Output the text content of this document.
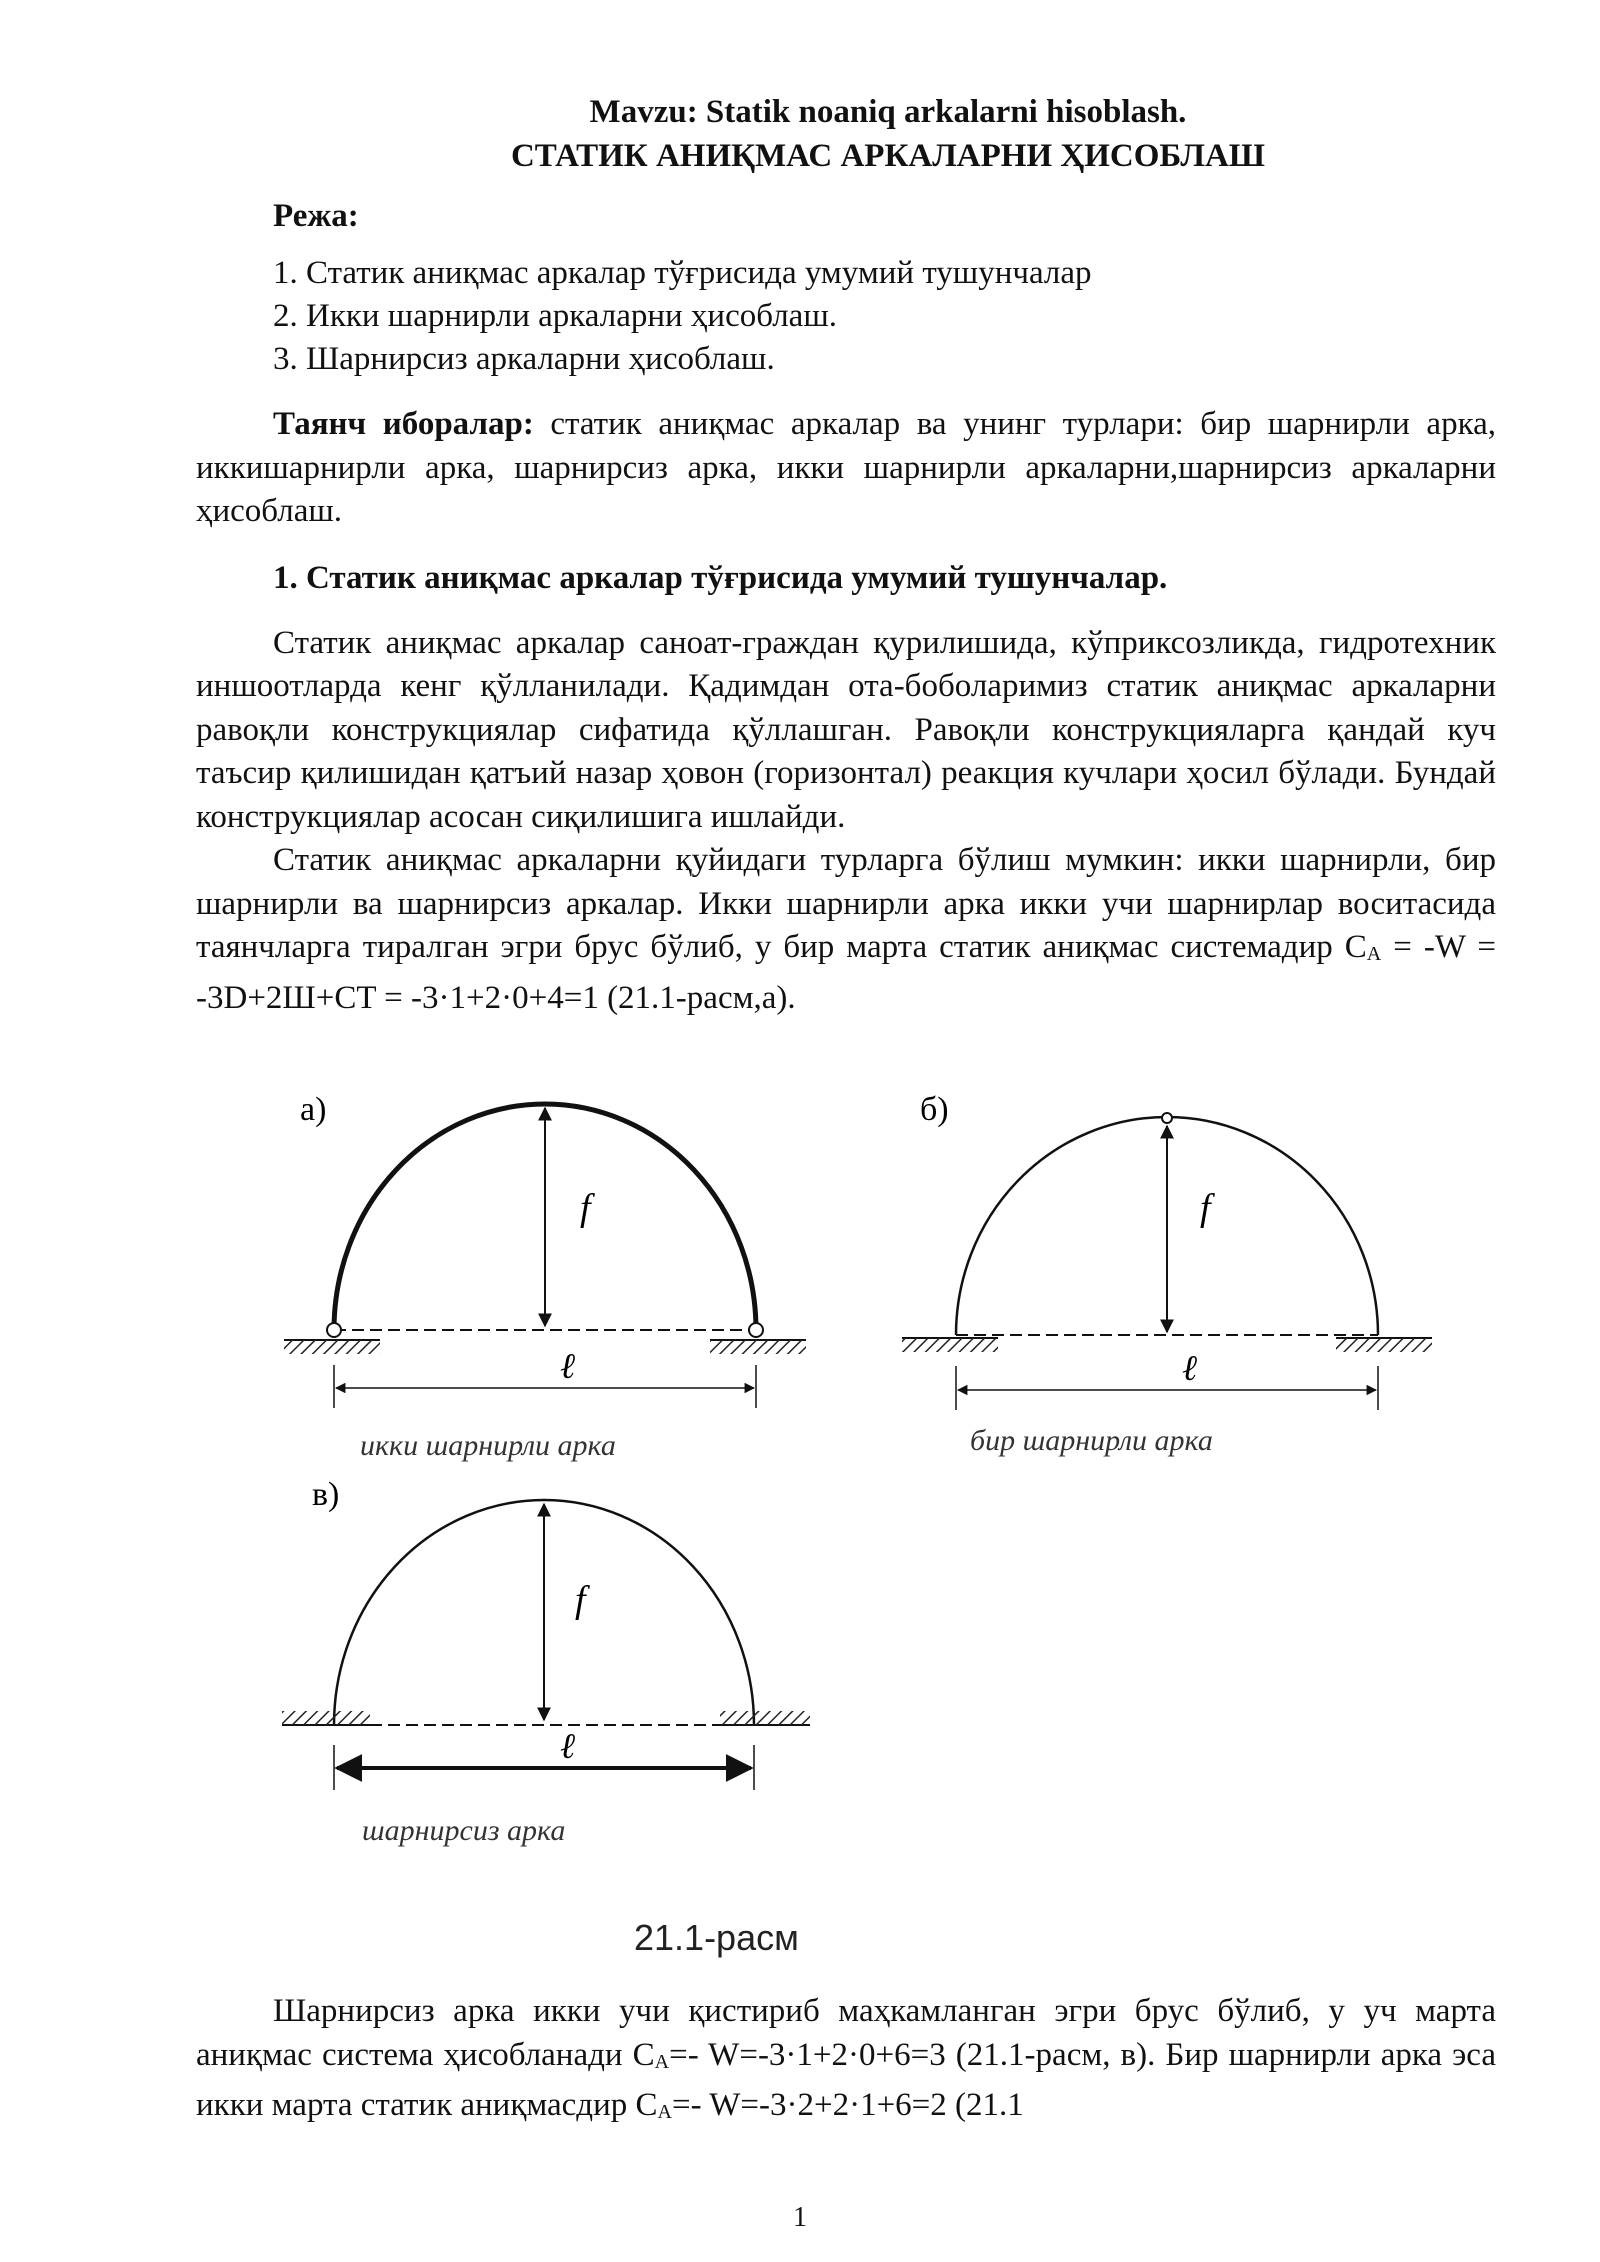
Mavzu: Statik noaniq arkalarni hisoblash.

СТАТИК АНИҚМАС АРКАЛАРНИ ҲИСОБЛАШ

Режа:
1. Статик аниқмас аркалар тўғрисида умумий тушунчалар
2. Икки шарнирли аркаларни ҳисоблаш.
3. Шарнирсиз аркаларни ҳисоблаш.

Таянч иборалар: статик аниқмас аркалар ва унинг турлари: бир шарнирли арка, иккишарнирли арка, шарнирсиз арка, икки шарнирли аркаларни,шарнирсиз аркаларни ҳисоблаш.

1. Статик аниқмас аркалар тўғрисида умумий тушунчалар.

Статик аниқмас аркалар саноат-граждан қурилишида, кўприксозликда, гидротехник иншоотларда кенг қўлланилади. Қадимдан ота-боболаримиз статик аниқмас аркаларни равоқли конструкциялар сифатида қўллашган. Равоқли конструкцияларга қандай куч таъсир қилишидан қатъий назар ҳовон (горизонтал) реакция кучлари ҳосил бўлади. Бундай конструкциялар асосан сиқилишига ишлайди.

Статик аниқмас аркаларни қуйидаги турларга бўлиш мумкин: икки шарнирли, бир шарнирли ва шарнирсиз аркалар. Икки шарнирли арка икки учи шарнирлар воситасида таянчларга тиралган эгри брус бўлиб, у бир марта статик аниқмас системадир $C_A = -W = -3D+2Ш+CT = -3\cdot 1+2\cdot 0+4=1$ (21.1-расм,а).

а)
f
ℓ
икки шарнирли арка
б)
f
ℓ
бир шарнирли арка
в)
f
ℓ
шарнирсиз арка
21.1-расм

Шарнирсиз арка икки учи қистириб маҳкамланган эгри брус бўлиб, у уч марта аниқмас система ҳисобланади $C_A=-$ W=-3·1+2·0+6=3 (21.1-расм, в). Бир шарнирли арка эса икки марта статик аниқмасдир $C_A=-$ W=-3·2+2·1+6=2 (21.1

1
